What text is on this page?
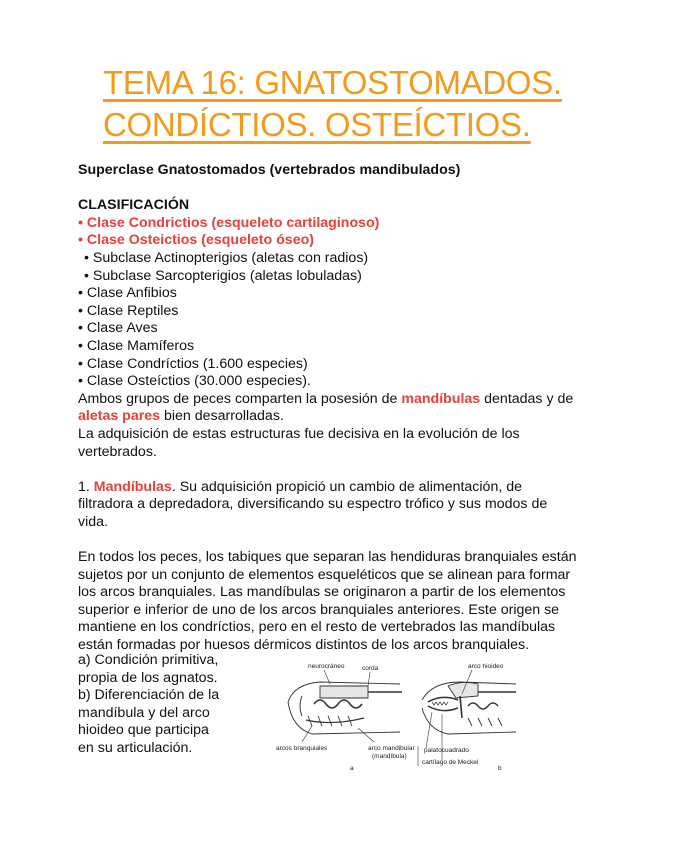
TEMA 16: GNATOSTOMADOS.
CONDÍCTIOS. OSTEÍCTIOS.
Superclase Gnatostomados (vertebrados mandibulados)
CLASIFICACIÓN
• Clase Condrictios (esqueleto cartilaginoso)
• Clase Osteictios (esqueleto óseo)
• Subclase Actinopterigios (aletas con radios)
• Subclase Sarcopterigios (aletas lobuladas)
• Clase Anfibios
• Clase Reptiles
• Clase Aves
• Clase Mamíferos
• Clase Condríctios (1.600 especies)
• Clase Osteíctios (30.000 especies).
Ambos grupos de peces comparten la posesión de mandíbulas dentadas y de
aletas pares bien desarrolladas.
La adquisición de estas estructuras fue decisiva en la evolución de los
vertebrados.
1. Mandíbulas. Su adquisición propició un cambio de alimentación, de
filtradora a depredadora, diversificando su espectro trófico y sus modos de
vida.
En todos los peces, los tabiques que separan las hendiduras branquiales están
sujetos por un conjunto de elementos esqueléticos que se alinean para formar
los arcos branquiales. Las mandíbulas se originaron a partir de los elementos
superior e inferior de uno de los arcos branquiales anteriores. Este origen se
mantiene en los condríctios, pero en el resto de vertebrados las mandíbulas
están formadas por huesos dérmicos distintos de los arcos branquiales.
a) Condición primitiva,
propia de los agnatos.
b) Diferenciación de la
mandíbula y del arco
hioideo que participa
en su articulación.
neurocráneo	corda
arcos branquiales	arco mandibular
(mandíbula)
a
arco hioideo
palatocuadrado
cartílago de Meckel
b
